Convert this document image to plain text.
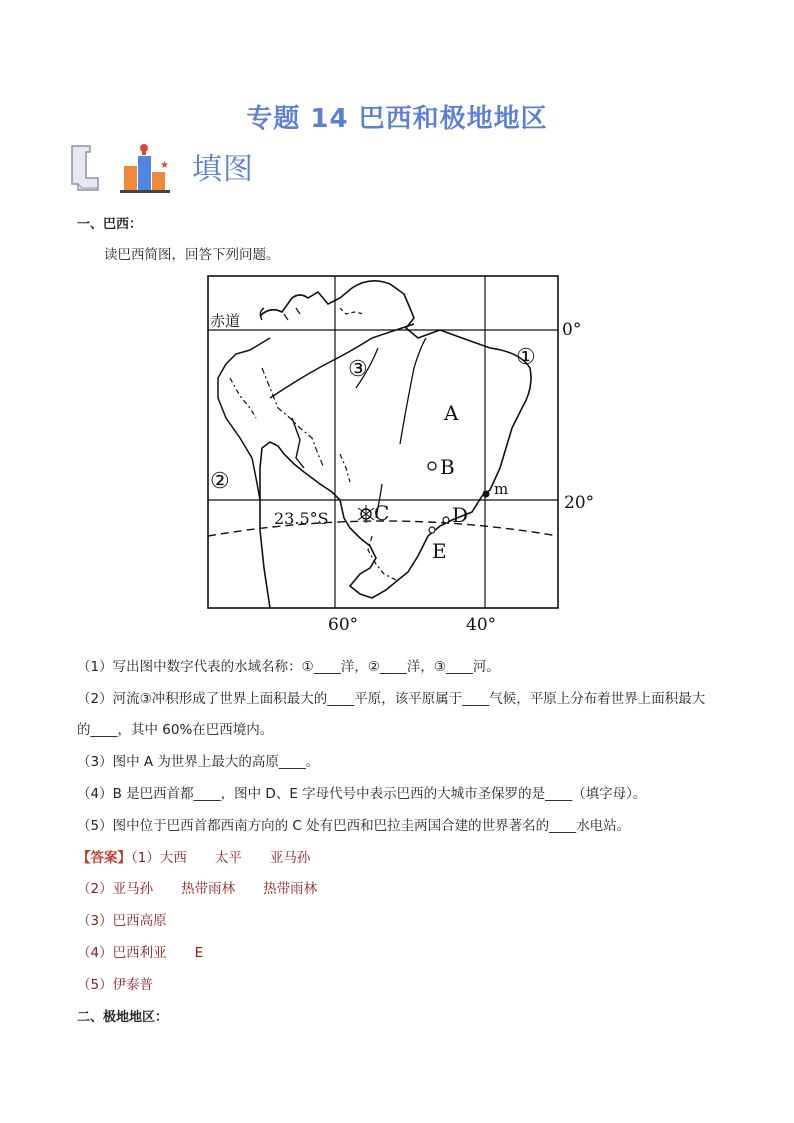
专题 14 巴西和极地地区
★ 填图
一、巴西：
读巴西简图，回答下列问题。
赤道	0°
20°
23.5°S
60°	40°
①
②
③
A
B
C	D
E
m
（1）写出图中数字代表的水域名称：①____洋，②____洋，③____河。
（2）河流③冲积形成了世界上面积最大的____平原，该平原属于____气候，平原上分布着世界上面积最大
的____，其中 60%在巴西境内。
（3）图中 A 为世界上最大的高原____。
（4）B 是巴西首都____，图中 D、E 字母代号中表示巴西的大城市圣保罗的是____（填字母）。
（5）图中位于巴西首都西南方向的 C 处有巴西和巴拉圭两国合建的世界著名的____水电站。
【答案】（1）大西 太平 亚马孙
（2）亚马孙 热带雨林 热带雨林
（3）巴西高原
（4）巴西利亚 E
（5）伊泰普
二、极地地区：
